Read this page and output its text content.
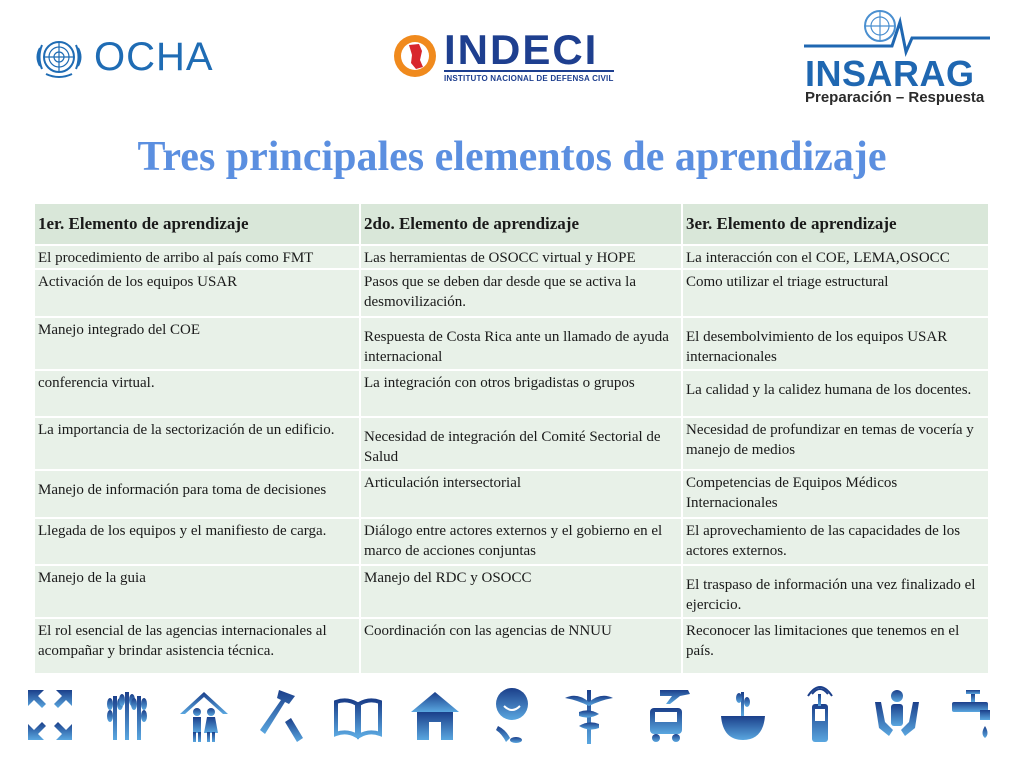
OCHA	INDECI
INSTITUTO NACIONAL DE DEFENSA CIVIL	INSARAG
Preparación – Respuesta
Tres principales elementos de aprendizaje
1er. Elemento de aprendizaje	2do. Elemento de aprendizaje	3er. Elemento de aprendizaje
El procedimiento de arribo al país como FMT	Las herramientas de OSOCC virtual y HOPE	La interacción con el COE, LEMA,OSOCC
Activación de los equipos USAR	Pasos que se deben dar desde que se activa la desmovilización.	Como utilizar el triage estructural
Manejo integrado del COE	Respuesta de Costa Rica ante un llamado de ayuda internacional	El desembolvimiento de los equipos USAR internacionales
conferencia virtual.	La integración con otros brigadistas o grupos	La calidad y la calidez humana de los docentes.
La importancia de la sectorización de un edificio.	Necesidad de integración del Comité Sectorial de Salud	Necesidad de profundizar en temas de vocería y manejo de medios
Manejo de información para toma de decisiones	Articulación intersectorial	Competencias de Equipos Médicos Internacionales
Llegada de los equipos y el manifiesto de carga.	Diálogo entre actores externos y el gobierno en el marco de acciones conjuntas	El aprovechamiento de las capacidades de los actores externos.
Manejo de la guia	Manejo del RDC y OSOCC	El traspaso de información una vez finalizado el ejercicio.
El rol esencial de las agencias internacionales al acompañar y brindar asistencia técnica.	Coordinación con las agencias de NNUU	Reconocer las limitaciones que tenemos en el país.
